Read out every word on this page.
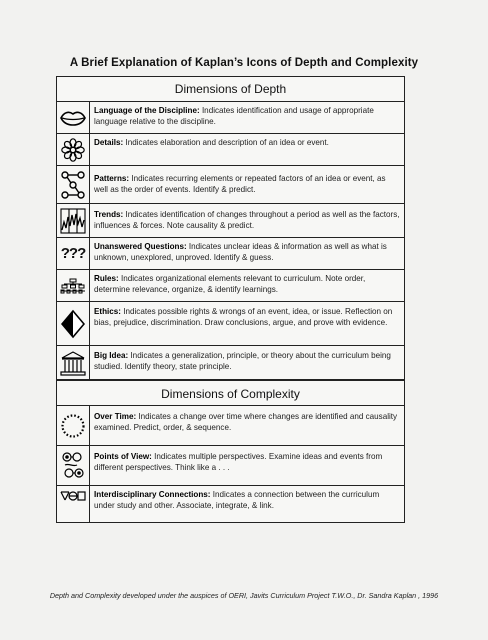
A Brief Explanation of Kaplan’s Icons of Depth and Complexity
Dimensions of Depth
Language of the Discipline: Indicates identification and usage of appropriate language relative to the discipline.
Details: Indicates elaboration and description of an idea or event.
Patterns: Indicates recurring elements or repeated factors of an idea or event, as well as the order of events. Identify & predict.
Trends: Indicates identification of changes throughout a period as well as the factors, influences & forces. Note causality & predict.
???	Unanswered Questions: Indicates unclear ideas & information as well as what is unknown, unexplored, unproved. Identify & guess.
Rules: Indicates organizational elements relevant to curriculum. Note order, determine relevance, organize, & identify learnings.
Ethics: Indicates possible rights & wrongs of an event, idea, or issue. Reflection on bias, prejudice, discrimination. Draw conclusions, argue, and prove with evidence.
Big Idea: Indicates a generalization, principle, or theory about the curriculum being studied. Identify theory, state principle.
Dimensions of Complexity
Over Time: Indicates a change over time where changes are identified and causality examined. Predict, order, & sequence.
Points of View: Indicates multiple perspectives. Examine ideas and events from different perspectives. Think like a . . .
Interdisciplinary Connections: Indicates a connection between the curriculum under study and other. Associate, integrate, & link.
Depth and Complexity developed under the auspices of OERI, Javits Curriculum Project T.W.O., Dr. Sandra Kaplan , 1996
